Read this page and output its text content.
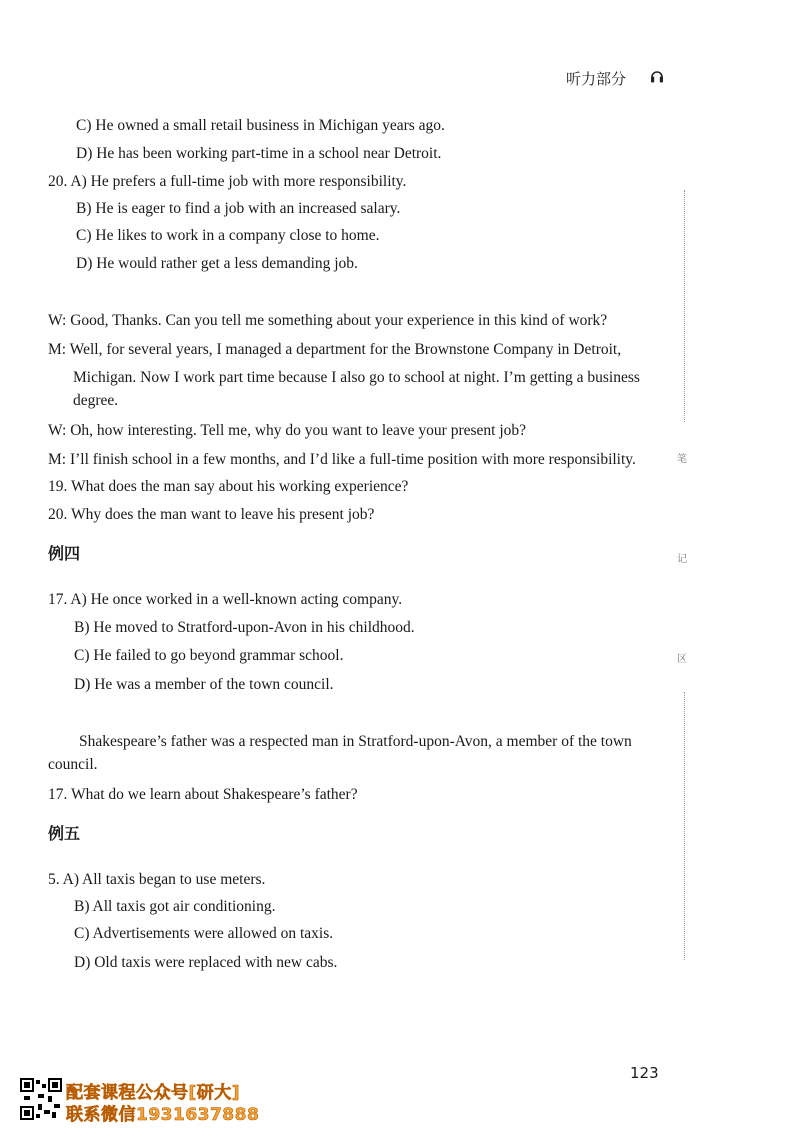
听力部分
C) He owned a small retail business in Michigan years ago.
D) He has been working part-time in a school near Detroit.
20. A) He prefers a full-time job with more responsibility.
B) He is eager to find a job with an increased salary.
C) He likes to work in a company close to home.
D) He would rather get a less demanding job.
W: Good, Thanks. Can you tell me something about your experience in this kind of work?
M: Well, for several years, I managed a department for the Brownstone Company in Detroit,
Michigan. Now I work part time because I also go to school at night. I’m getting a business
degree.
W: Oh, how interesting. Tell me, why do you want to leave your present job?
M: I’ll finish school in a few months, and I’d like a full-time position with more responsibility.
19. What does the man say about his working experience?
20. Why does the man want to leave his present job?
例四
17. A) He once worked in a well-known acting company.
B) He moved to Stratford-upon-Avon in his childhood.
C) He failed to go beyond grammar school.
D) He was a member of the town council.
Shakespeare’s father was a respected man in Stratford-upon-Avon, a member of the town
council.
17. What do we learn about Shakespeare’s father?
例五
5. A) All taxis began to use meters.
B) All taxis got air conditioning.
C) Advertisements were allowed on taxis.
D) Old taxis were replaced with new cabs.
笔
记
区
123
配套课程公众号[研大]
联系微信1931637888
